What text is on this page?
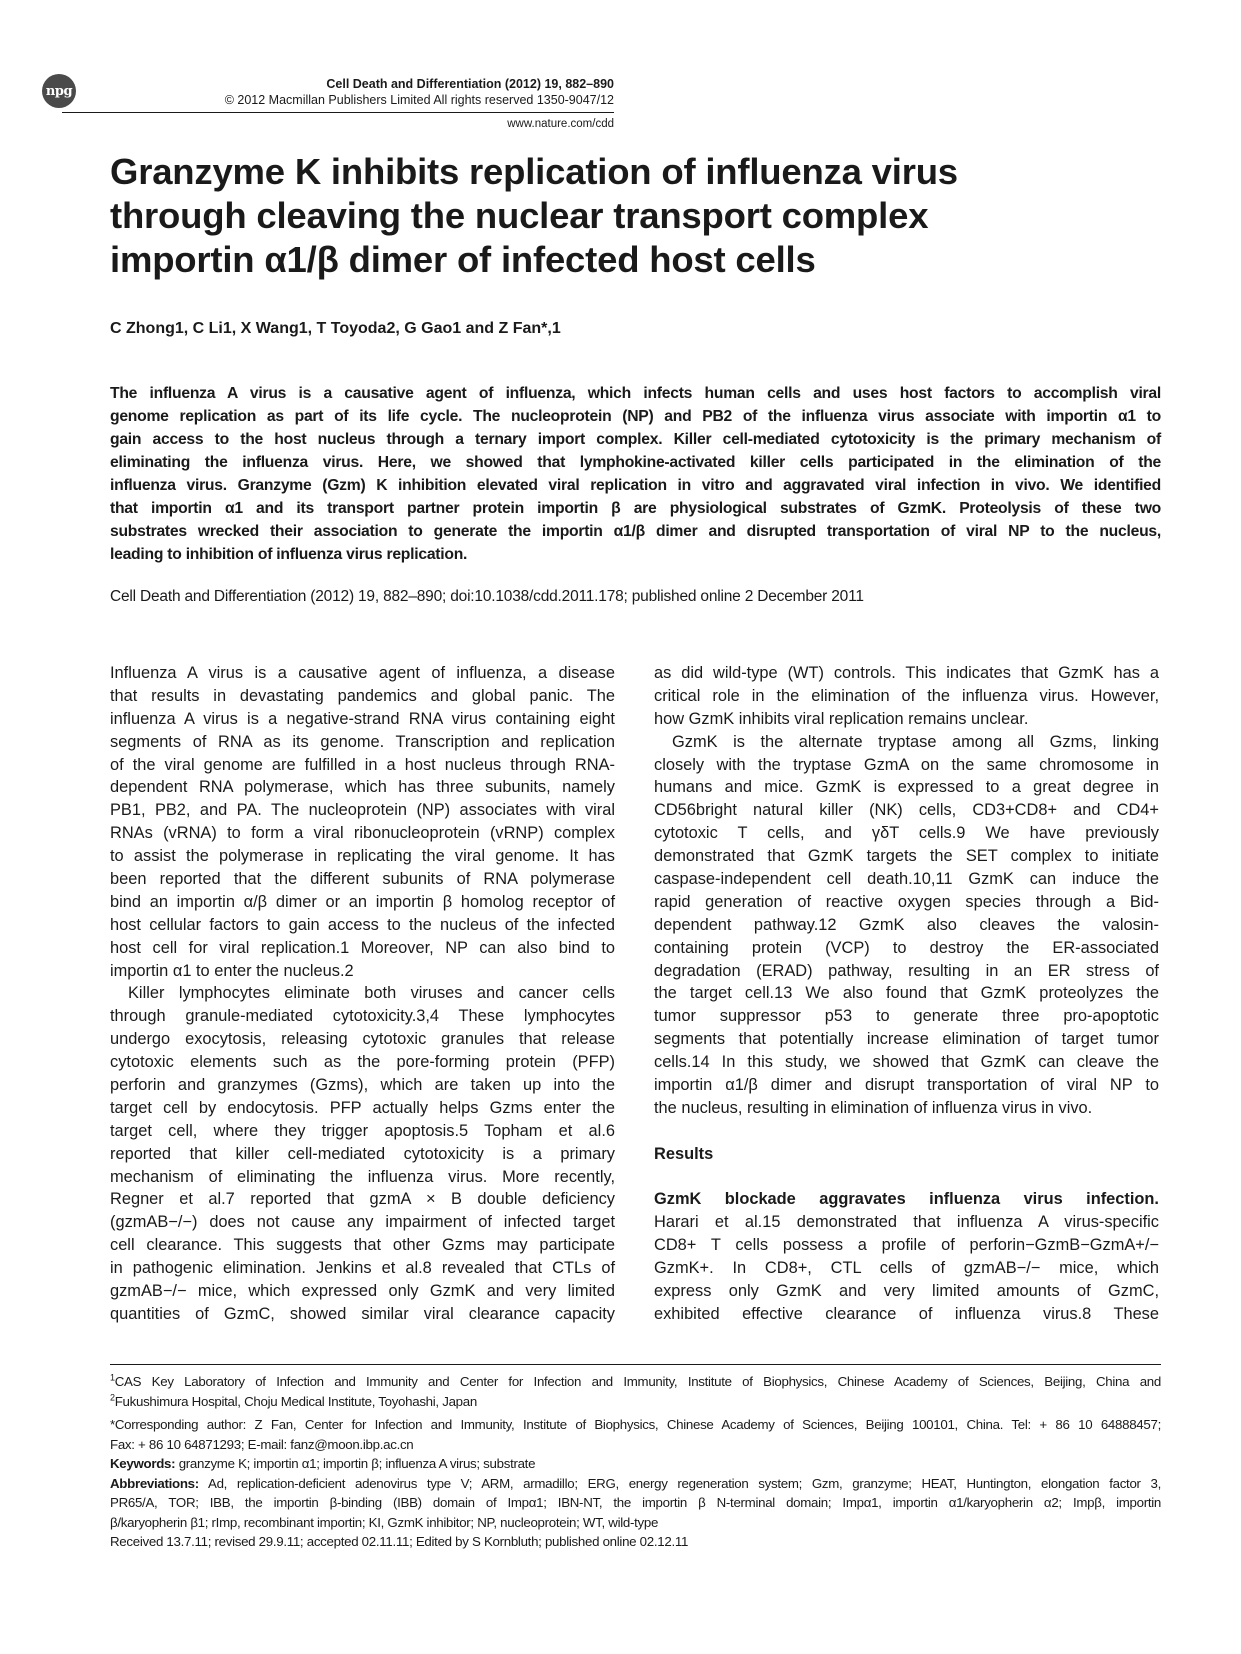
npg	Cell Death and Differentiation (2012) 19, 882–890
© 2012 Macmillan Publishers Limited All rights reserved 1350-9047/12
www.nature.com/cdd
Granzyme K inhibits replication of influenza virus
through cleaving the nuclear transport complex
importin α1/β dimer of infected host cells
C Zhong1, C Li1, X Wang1, T Toyoda2, G Gao1 and Z Fan*,1
The influenza A virus is a causative agent of influenza, which infects human cells and uses host factors to accomplish viral
genome replication as part of its life cycle. The nucleoprotein (NP) and PB2 of the influenza virus associate with importin α1 to
gain access to the host nucleus through a ternary import complex. Killer cell-mediated cytotoxicity is the primary mechanism of
eliminating the influenza virus. Here, we showed that lymphokine-activated killer cells participated in the elimination of the
influenza virus. Granzyme (Gzm) K inhibition elevated viral replication in vitro and aggravated viral infection in vivo. We identified
that importin α1 and its transport partner protein importin β are physiological substrates of GzmK. Proteolysis of these two
substrates wrecked their association to generate the importin α1/β dimer and disrupted transportation of viral NP to the nucleus,
leading to inhibition of influenza virus replication.
Cell Death and Differentiation (2012) 19, 882–890; doi:10.1038/cdd.2011.178; published online 2 December 2011
Influenza A virus is a causative agent of influenza, a disease
that results in devastating pandemics and global panic. The
influenza A virus is a negative-strand RNA virus containing eight
segments of RNA as its genome. Transcription and replication
of the viral genome are fulfilled in a host nucleus through RNA-
dependent RNA polymerase, which has three subunits, namely
PB1, PB2, and PA. The nucleoprotein (NP) associates with viral
RNAs (vRNA) to form a viral ribonucleoprotein (vRNP) complex
to assist the polymerase in replicating the viral genome. It has
been reported that the different subunits of RNA polymerase
bind an importin α/β dimer or an importin β homolog receptor of
host cellular factors to gain access to the nucleus of the infected
host cell for viral replication.1 Moreover, NP can also bind to
importin α1 to enter the nucleus.2
Killer lymphocytes eliminate both viruses and cancer cells
through granule-mediated cytotoxicity.3,4 These lymphocytes
undergo exocytosis, releasing cytotoxic granules that release
cytotoxic elements such as the pore-forming protein (PFP)
perforin and granzymes (Gzms), which are taken up into the
target cell by endocytosis. PFP actually helps Gzms enter the
target cell, where they trigger apoptosis.5 Topham et al.6
reported that killer cell-mediated cytotoxicity is a primary
mechanism of eliminating the influenza virus. More recently,
Regner et al.7 reported that gzmA × B double deficiency
(gzmAB−/−) does not cause any impairment of infected target
cell clearance. This suggests that other Gzms may participate
in pathogenic elimination. Jenkins et al.8 revealed that CTLs of
gzmAB−/− mice, which expressed only GzmK and very limited
quantities of GzmC, showed similar viral clearance capacity
as did wild-type (WT) controls. This indicates that GzmK has a
critical role in the elimination of the influenza virus. However,
how GzmK inhibits viral replication remains unclear.
GzmK is the alternate tryptase among all Gzms, linking
closely with the tryptase GzmA on the same chromosome in
humans and mice. GzmK is expressed to a great degree in
CD56bright natural killer (NK) cells, CD3+CD8+ and CD4+
cytotoxic T cells, and γδT cells.9 We have previously
demonstrated that GzmK targets the SET complex to initiate
caspase-independent cell death.10,11 GzmK can induce the
rapid generation of reactive oxygen species through a Bid-
dependent pathway.12 GzmK also cleaves the valosin-
containing protein (VCP) to destroy the ER-associated
degradation (ERAD) pathway, resulting in an ER stress of
the target cell.13 We also found that GzmK proteolyzes the
tumor suppressor p53 to generate three pro-apoptotic
segments that potentially increase elimination of target tumor
cells.14 In this study, we showed that GzmK can cleave the
importin α1/β dimer and disrupt transportation of viral NP to
the nucleus, resulting in elimination of influenza virus in vivo.
Results
GzmK blockade aggravates influenza virus infection.
Harari et al.15 demonstrated that influenza A virus-specific
CD8+ T cells possess a profile of perforin−GzmB−GzmA+/−
GzmK+. In CD8+, CTL cells of gzmAB−/− mice, which
express only GzmK and very limited amounts of GzmC,
exhibited effective clearance of influenza virus.8 These
$^1$CAS Key Laboratory of Infection and Immunity and Center for Infection and Immunity, Institute of Biophysics, Chinese Academy of Sciences, Beijing, China and
$^2$Fukushimura Hospital, Choju Medical Institute, Toyohashi, Japan
*Corresponding author: Z Fan, Center for Infection and Immunity, Institute of Biophysics, Chinese Academy of Sciences, Beijing 100101, China. Tel: + 86 10 64888457;
Fax: + 86 10 64871293; E-mail: fanz@moon.ibp.ac.cn
Keywords: granzyme K; importin α1; importin β; influenza A virus; substrate
Abbreviations: Ad, replication-deficient adenovirus type V; ARM, armadillo; ERG, energy regeneration system; Gzm, granzyme; HEAT, Huntington, elongation factor 3,
PR65/A, TOR; IBB, the importin β-binding (IBB) domain of Impα1; IBN-NT, the importin β N-terminal domain; Impα1, importin α1/karyopherin α2; Impβ, importin
β/karyopherin β1; rImp, recombinant importin; KI, GzmK inhibitor; NP, nucleoprotein; WT, wild-type
Received 13.7.11; revised 29.9.11; accepted 02.11.11; Edited by S Kornbluth; published online 02.12.11
